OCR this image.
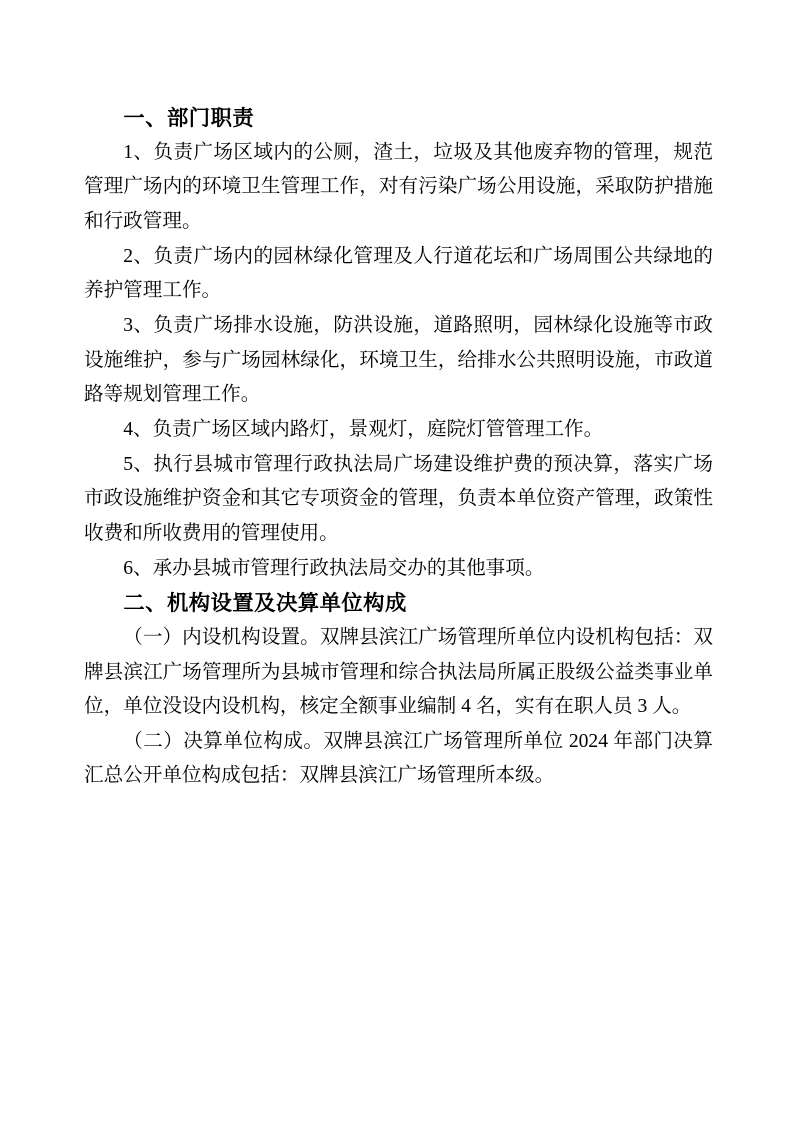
一、部门职责

1、负责广场区域内的公厕，渣土，垃圾及其他废弃物的管理，规范管理广场内的环境卫生管理工作，对有污染广场公用设施，采取防护措施和行政管理。

2、负责广场内的园林绿化管理及人行道花坛和广场周围公共绿地的养护管理工作。

3、负责广场排水设施，防洪设施，道路照明，园林绿化设施等市政设施维护，参与广场园林绿化，环境卫生，给排水公共照明设施，市政道路等规划管理工作。

4、负责广场区域内路灯，景观灯，庭院灯管管理工作。

5、执行县城市管理行政执法局广场建设维护费的预决算，落实广场市政设施维护资金和其它专项资金的管理，负责本单位资产管理，政策性收费和所收费用的管理使用。

6、承办县城市管理行政执法局交办的其他事项。

二、机构设置及决算单位构成

（一）内设机构设置。双牌县滨江广场管理所单位内设机构包括：双牌县滨江广场管理所为县城市管理和综合执法局所属正股级公益类事业单位，单位没设内设机构，核定全额事业编制 4 名，实有在职人员 3 人。

（二）决算单位构成。双牌县滨江广场管理所单位 2024 年部门决算汇总公开单位构成包括：双牌县滨江广场管理所本级。
